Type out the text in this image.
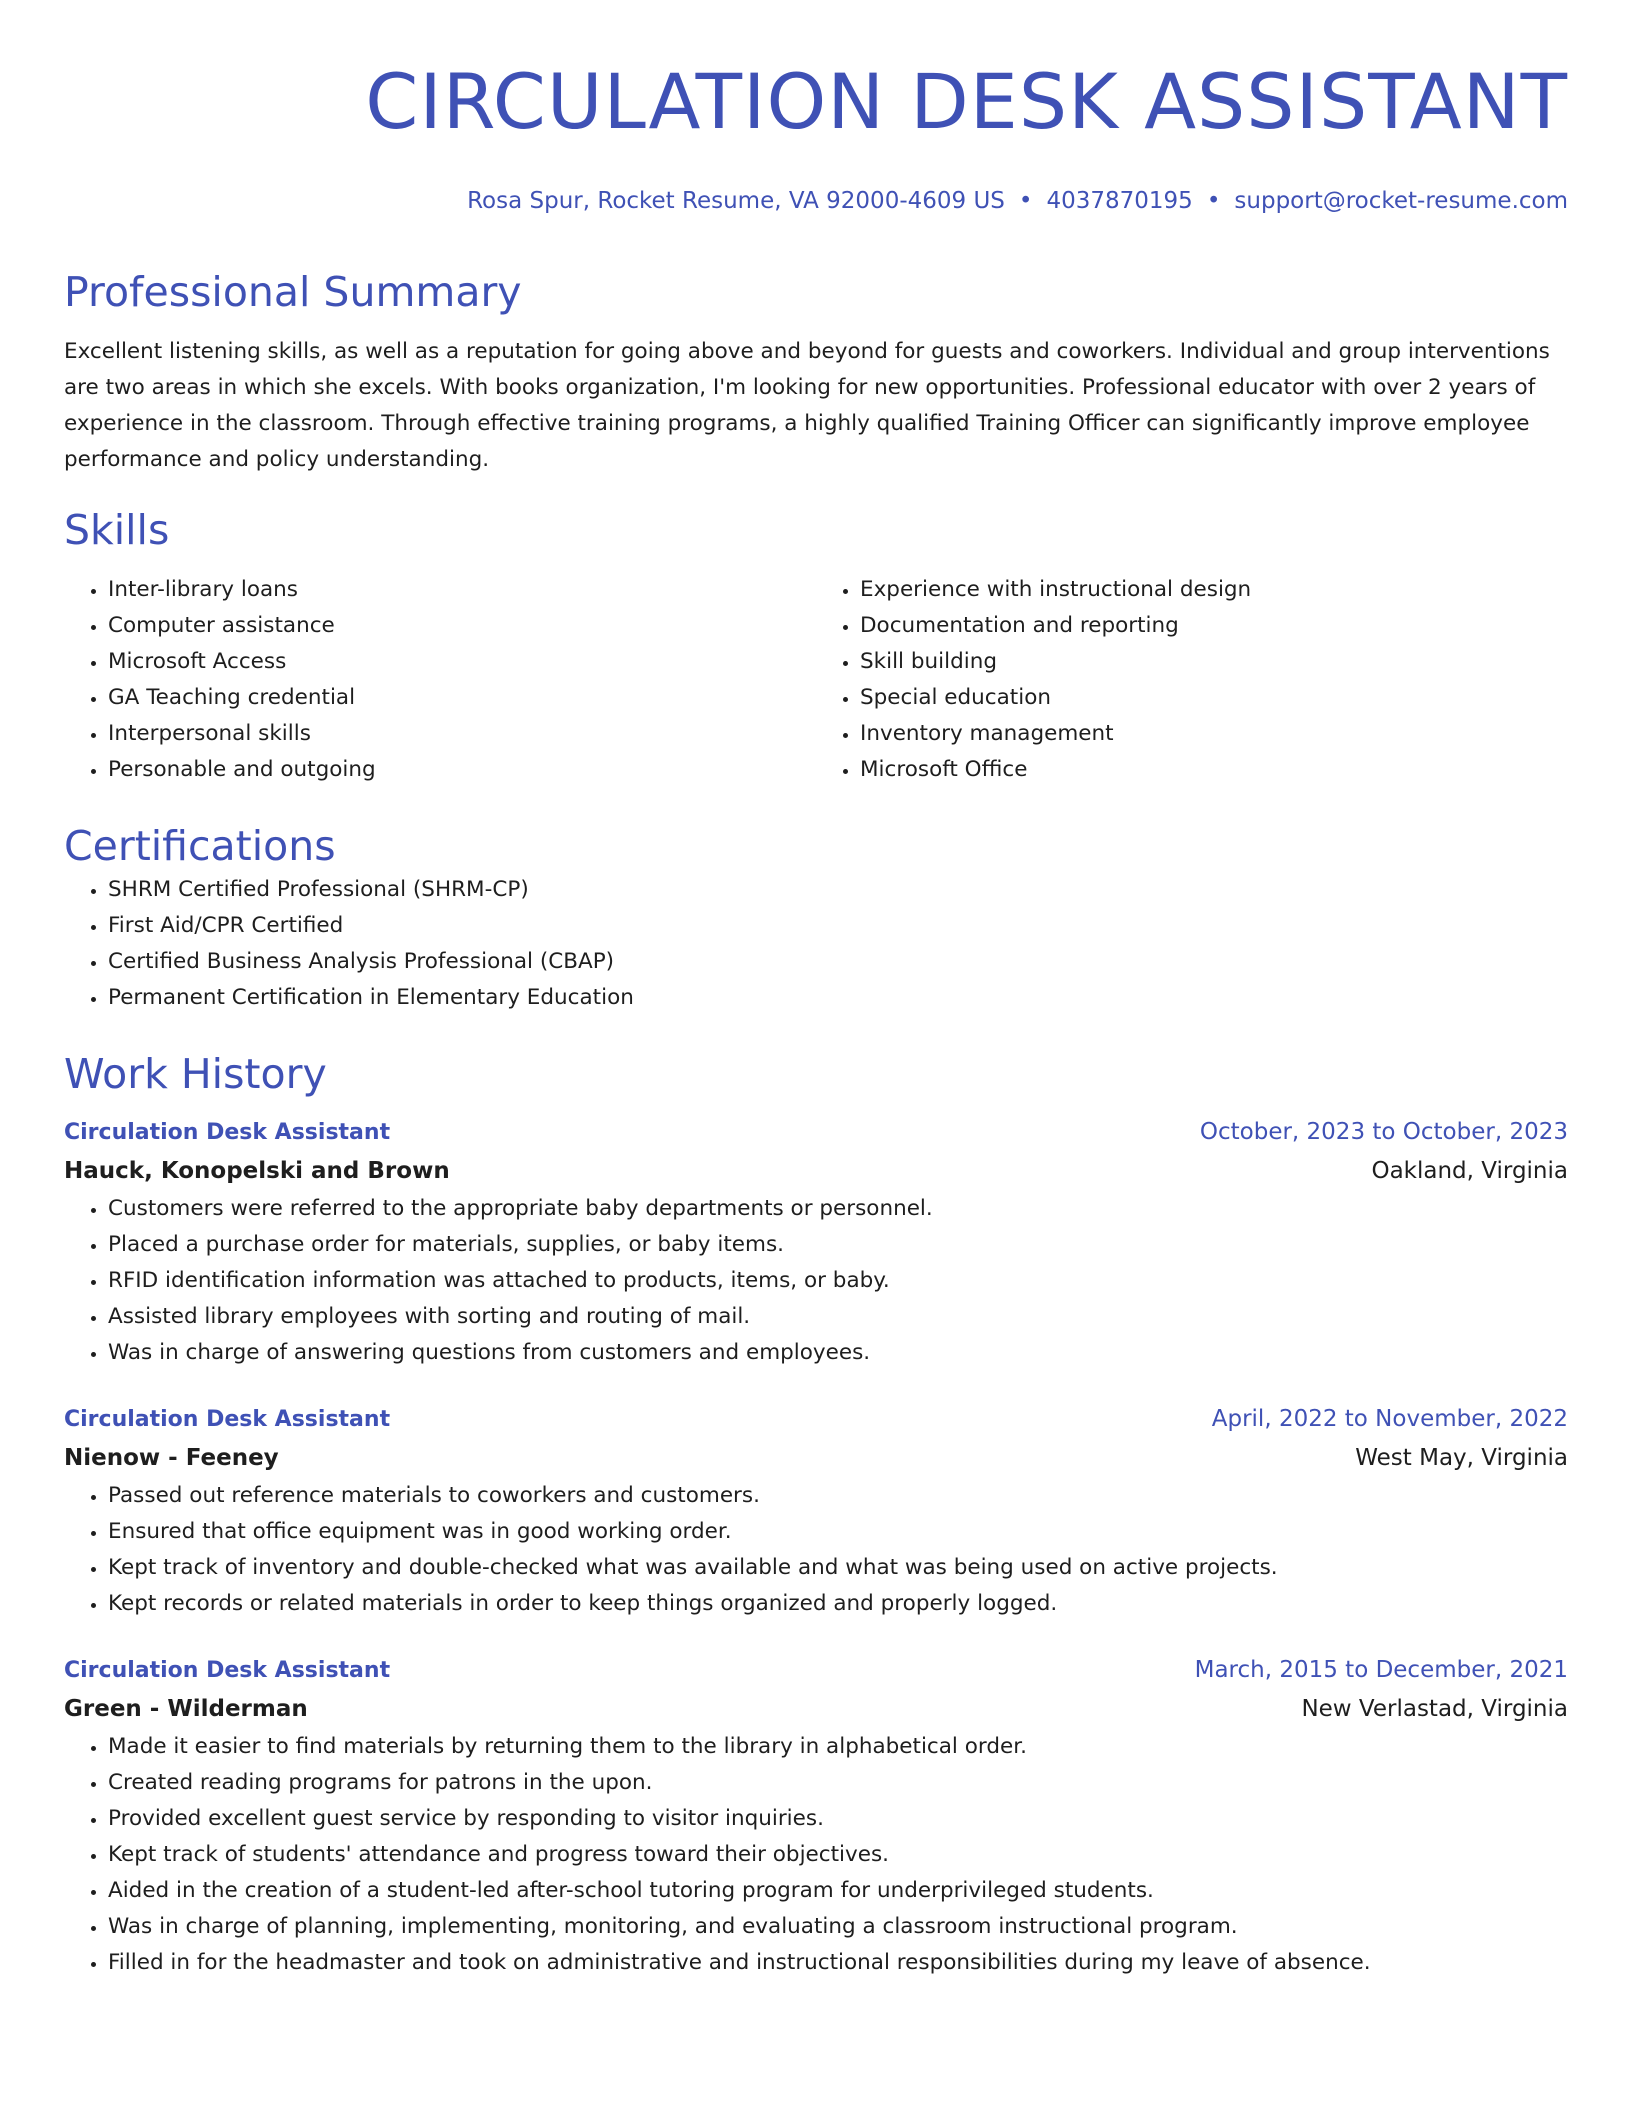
CIRCULATION DESK ASSISTANT
Rosa Spur, Rocket Resume, VA 92000-4609 US • 4037870195 • support@rocket-resume.com
Professional Summary

Excellent listening skills, as well as a reputation for going above and beyond for guests and coworkers. Individual and group interventions are two areas in which she excels. With books organization, I'm looking for new opportunities. Professional educator with over 2 years of experience in the classroom. Through effective training programs, a highly qualified Training Officer can significantly improve employee performance and policy understanding.

Skills
• Inter-library loans
• Computer assistance
• Microsoft Access
• GA Teaching credential
• Interpersonal skills
• Personable and outgoing
• Experience with instructional design
• Documentation and reporting
• Skill building
• Special education
• Inventory management
• Microsoft Office
Certifications
• SHRM Certified Professional (SHRM-CP)
• First Aid/CPR Certified
• Certified Business Analysis Professional (CBAP)
• Permanent Certification in Elementary Education
Work History
Circulation Desk Assistant	October, 2023 to October, 2023
Hauck, Konopelski and Brown	Oakland, Virginia
• Customers were referred to the appropriate baby departments or personnel.
• Placed a purchase order for materials, supplies, or baby items.
• RFID identification information was attached to products, items, or baby.
• Assisted library employees with sorting and routing of mail.
• Was in charge of answering questions from customers and employees.
Circulation Desk Assistant	April, 2022 to November, 2022
Nienow - Feeney	West May, Virginia
• Passed out reference materials to coworkers and customers.
• Ensured that office equipment was in good working order.
• Kept track of inventory and double-checked what was available and what was being used on active projects.
• Kept records or related materials in order to keep things organized and properly logged.
Circulation Desk Assistant	March, 2015 to December, 2021
Green - Wilderman	New Verlastad, Virginia
• Made it easier to find materials by returning them to the library in alphabetical order.
• Created reading programs for patrons in the upon.
• Provided excellent guest service by responding to visitor inquiries.
• Kept track of students' attendance and progress toward their objectives.
• Aided in the creation of a student-led after-school tutoring program for underprivileged students.
• Was in charge of planning, implementing, monitoring, and evaluating a classroom instructional program.
• Filled in for the headmaster and took on administrative and instructional responsibilities during my leave of absence.
